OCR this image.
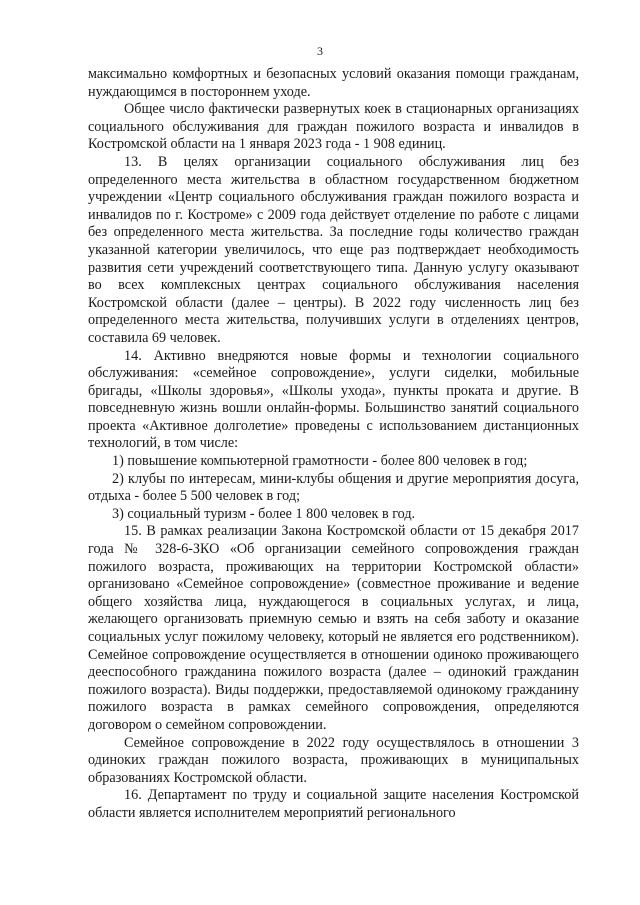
3

максимально комфортных и безопасных условий оказания помощи гражданам, нуждающимся в постороннем уходе.

Общее число фактически развернутых коек в стационарных организациях социального обслуживания для граждан пожилого возраста и инвалидов в Костромской области на 1 января 2023 года - 1 908 единиц.

13. В целях организации социального обслуживания лиц без определенного места жительства в областном государственном бюджетном учреждении «Центр социального обслуживания граждан пожилого возраста и инвалидов по г. Костроме» с 2009 года действует отделение по работе с лицами без определенного места жительства. За последние годы количество граждан указанной категории увеличилось, что еще раз подтверждает необходимость развития сети учреждений соответствующего типа. Данную услугу оказывают во всех комплексных центрах социального обслуживания населения Костромской области (далее – центры). В 2022 году численность лиц без определенного места жительства, получивших услуги в отделениях центров, составила 69 человек.

14. Активно внедряются новые формы и технологии социального обслуживания: «семейное сопровождение», услуги сиделки, мобильные бригады, «Школы здоровья», «Школы ухода», пункты проката и другие. В повседневную жизнь вошли онлайн-формы. Большинство занятий социального проекта «Активное долголетие» проведены с использованием дистанционных технологий, в том числе:

1) повышение компьютерной грамотности - более 800 человек в год;

2) клубы по интересам, мини-клубы общения и другие мероприятия досуга, отдыха - более 5 500 человек в год;

3) социальный туризм - более 1 800 человек в год.

15. В рамках реализации Закона Костромской области от 15 декабря 2017 года № 328-6-ЗКО «Об организации семейного сопровождения граждан пожилого возраста, проживающих на территории Костромской области» организовано «Семейное сопровождение» (совместное проживание и ведение общего хозяйства лица, нуждающегося в социальных услугах, и лица, желающего организовать приемную семью и взять на себя заботу и оказание социальных услуг пожилому человеку, который не является его родственником). Семейное сопровождение осуществляется в отношении одиноко проживающего дееспособного гражданина пожилого возраста (далее – одинокий гражданин пожилого возраста). Виды поддержки, предоставляемой одинокому гражданину пожилого возраста в рамках семейного сопровождения, определяются договором о семейном сопровождении.

Семейное сопровождение в 2022 году осуществлялось в отношении 3 одиноких граждан пожилого возраста, проживающих в муниципальных образованиях Костромской области.

16. Департамент по труду и социальной защите населения Костромской области является исполнителем мероприятий регионального
